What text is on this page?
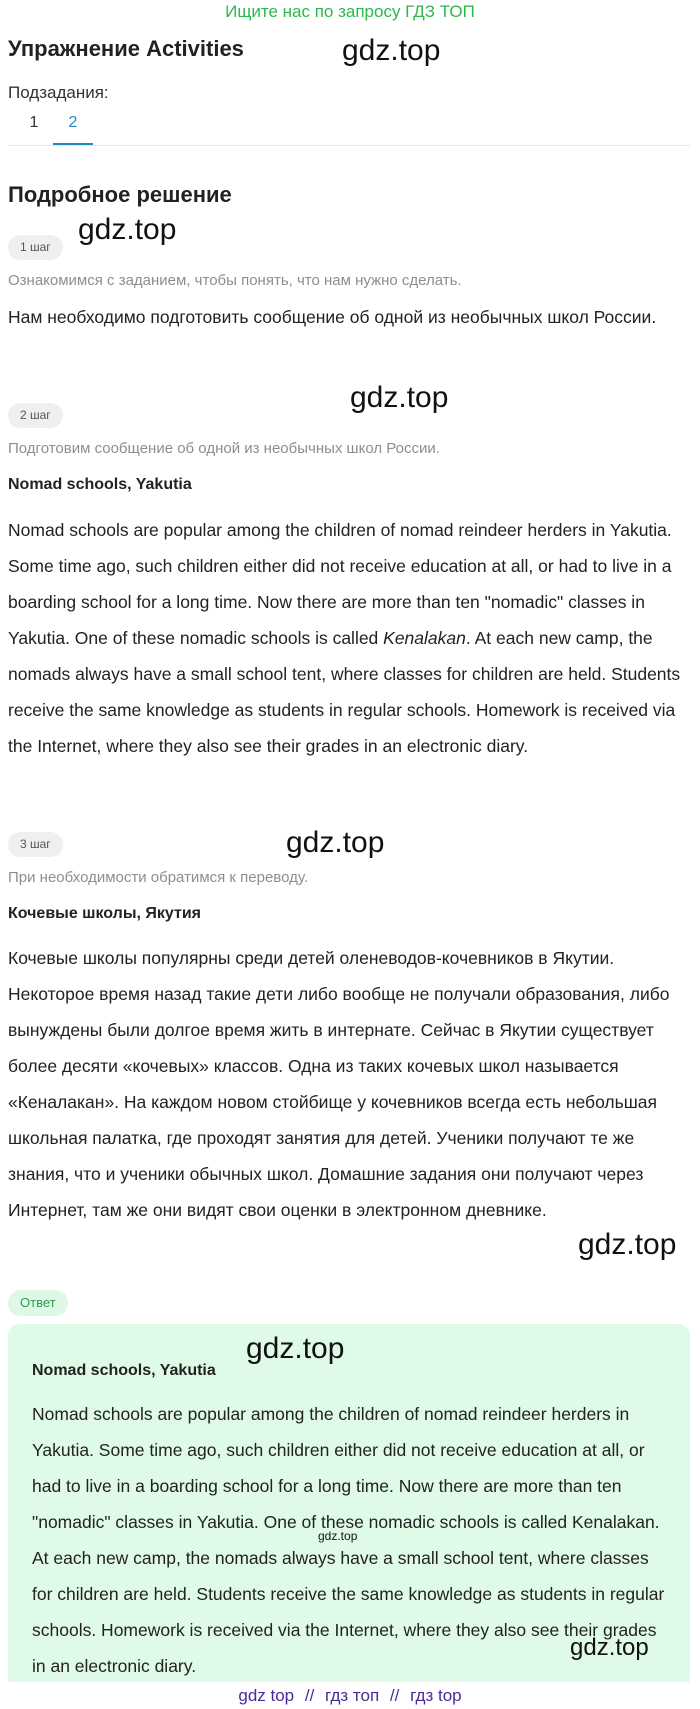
Ищите нас по запросу ГДЗ ТОП
Упражнение Activities	gdz.top
Подзадания:
1	2
Подробное решение
1 шаг
gdz.top
Ознакомимся с заданием, чтобы понять, что нам нужно сделать.
Нам необходимо подготовить сообщение об одной из необычных школ России.
gdz.top
2 шаг
Подготовим сообщение об одной из необычных школ России.
Nomad schools, Yakutia
Nomad schools are popular among the children of nomad reindeer herders in Yakutia. Some time ago, such children either did not receive education at all, or had to live in a boarding school for a long time. Now there are more than ten "nomadic" classes in Yakutia. One of these nomadic schools is called Kenalakan. At each new camp, the nomads always have a small school tent, where classes for children are held. Students receive the same knowledge as students in regular schools. Homework is received via the Internet, where they also see their grades in an electronic diary.
3 шаг	gdz.top
При необходимости обратимся к переводу.
Кочевые школы, Якутия
Кочевые школы популярны среди детей оленеводов-кочевников в Якутии. Некоторое время назад такие дети либо вообще не получали образования, либо вынуждены были долгое время жить в интернате. Сейчас в Якутии существует более десяти «кочевых» классов. Одна из таких кочевых школ называется «Кеналакан». На каждом новом стойбище у кочевников всегда есть небольшая школьная палатка, где проходят занятия для детей. Ученики получают те же знания, что и ученики обычных школ. Домашние задания они получают через Интернет, там же они видят свои оценки в электронном дневнике.
gdz.top
Ответ
Nomad schools, Yakutia
gdz.top
Nomad schools are popular among the children of nomad reindeer herders in Yakutia. Some time ago, such children either did not receive education at all, or had to live in a boarding school for a long time. Now there are more than ten "nomadic" classes in Yakutia. One of these nomadic schools is called Kenalakan. At each new camp, the nomads always have a small school tent, where classes for children are held. Students receive the same knowledge as students in regular schools. Homework is received via the Internet, where they also see their grades in an electronic diary.
gdz.top
gdz.top
gdz top // гдз топ // гдз top
